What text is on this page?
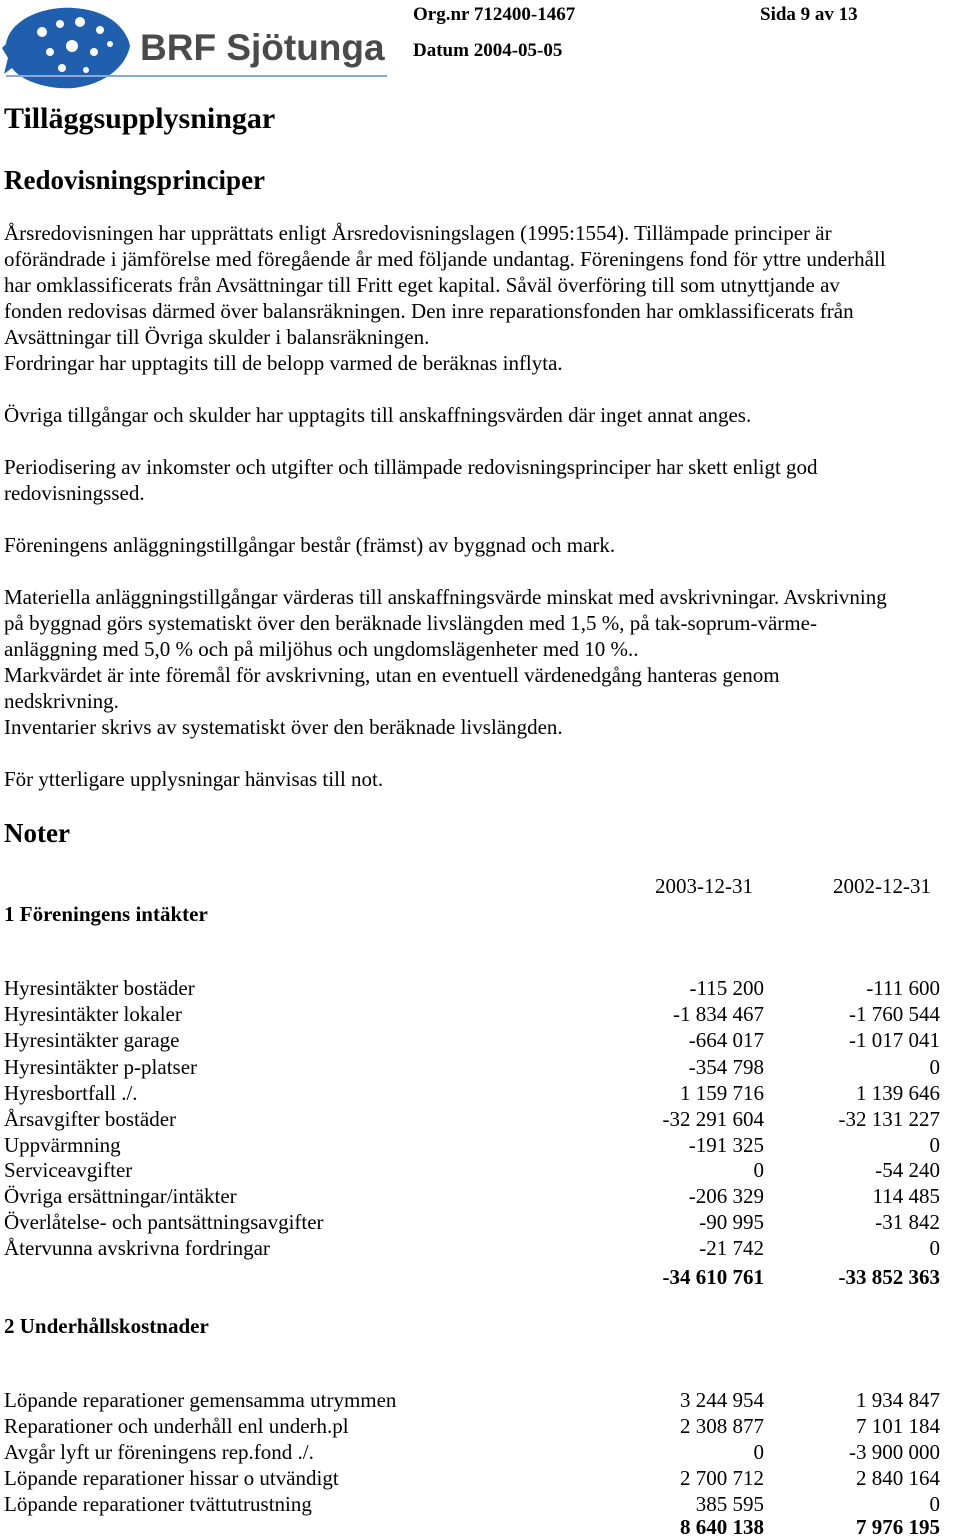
BRF Sjötungan
Org.nr 712400-1467	Sida 9 av 13
Datum 2004-05-05
Tilläggsupplysningar
Redovisningsprinciper

Årsredovisningen har upprättats enligt Årsredovisningslagen (1995:1554). Tillämpade principer är

oförändrade i jämförelse med föregående år med följande undantag. Föreningens fond för yttre underhåll

har omklassificerats från Avsättningar till Fritt eget kapital. Såväl överföring till som utnyttjande av

fonden redovisas därmed över balansräkningen. Den inre reparationsfonden har omklassificerats från

Avsättningar till Övriga skulder i balansräkningen.

Fordringar har upptagits till de belopp varmed de beräknas inflyta.

Övriga tillgångar och skulder har upptagits till anskaffningsvärden där inget annat anges.

Periodisering av inkomster och utgifter och tillämpade redovisningsprinciper har skett enligt god

redovisningssed.

Föreningens anläggningstillgångar består (främst) av byggnad och mark.

Materiella anläggningstillgångar värderas till anskaffningsvärde minskat med avskrivningar. Avskrivning

på byggnad görs systematiskt över den beräknade livslängden med 1,5 %, på tak-soprum-värme-

anläggning med 5,0 % och på miljöhus och ungdomslägenheter med 10 %..

Markvärdet är inte föremål för avskrivning, utan en eventuell värdenedgång hanteras genom

nedskrivning.

Inventarier skrivs av systematiskt över den beräknade livslängden.

För ytterligare upplysningar hänvisas till not.

Noter
2003-12-31	2002-12-31
1 Föreningens intäkter
Hyresintäkter bostäder	-115 200	-111 600
Hyresintäkter lokaler	-1 834 467	-1 760 544
Hyresintäkter garage	-664 017	-1 017 041
Hyresintäkter p-platser	-354 798	0
Hyresbortfall ./.	1 159 716	1 139 646
Årsavgifter bostäder	-32 291 604	-32 131 227
Uppvärmning	-191 325	0
Serviceavgifter	0	-54 240
Övriga ersättningar/intäkter	-206 329	114 485
Överlåtelse- och pantsättningsavgifter	-90 995	-31 842
Återvunna avskrivna fordringar	-21 742	0
-34 610 761	-33 852 363
2 Underhållskostnader
Löpande reparationer gemensamma utrymmen	3 244 954	1 934 847
Reparationer och underhåll enl underh.pl	2 308 877	7 101 184
Avgår lyft ur föreningens rep.fond ./.	0	-3 900 000
Löpande reparationer hissar o utvändigt	2 700 712	2 840 164
Löpande reparationer tvättutrustning	385 595	0
8 640 138	7 976 195
